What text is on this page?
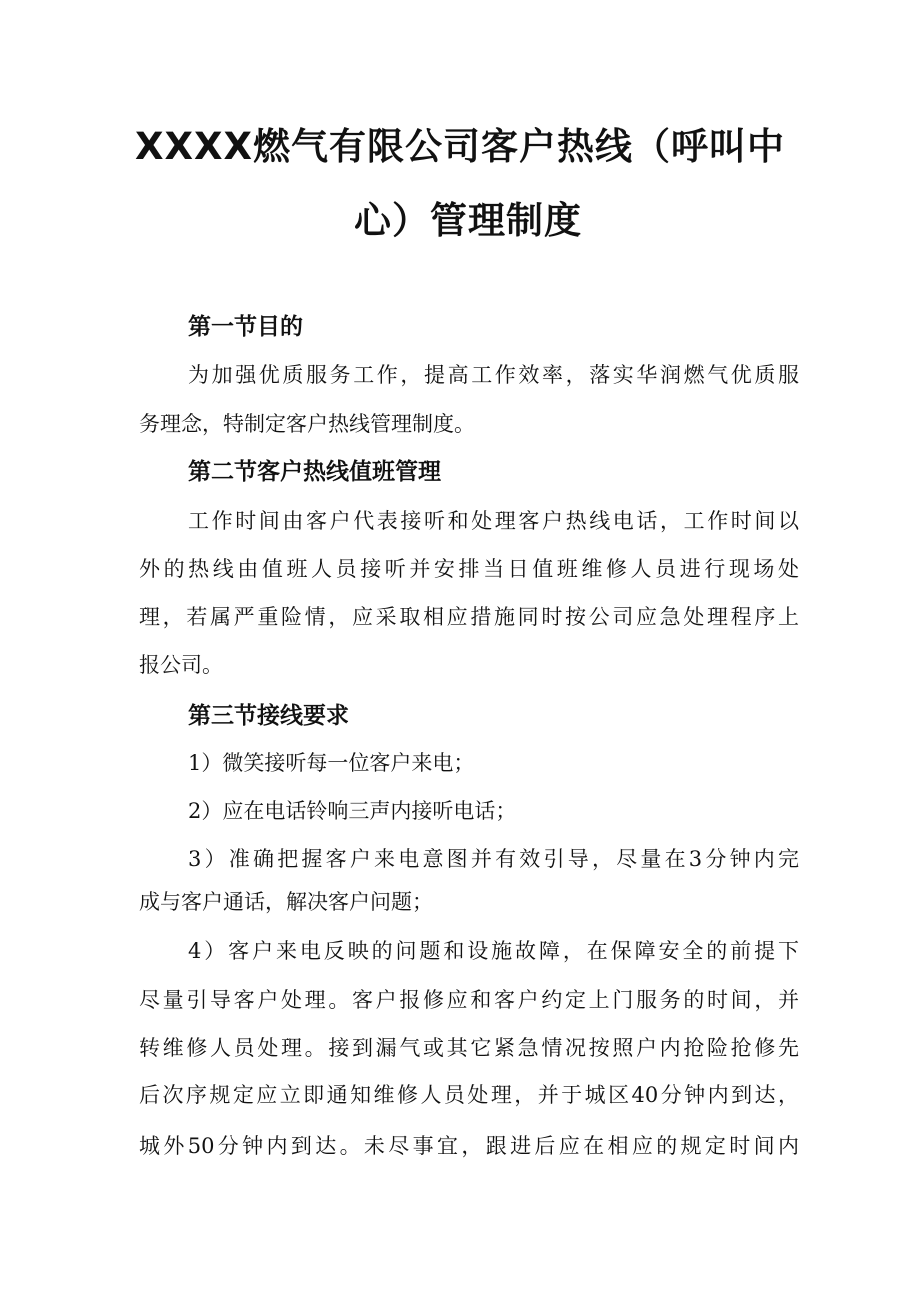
XXXX燃气有限公司客户热线（呼叫中
心）管理制度
第一节目的
为加强优质服务工作，提高工作效率，落实华润燃气优质服
务理念，特制定客户热线管理制度。
第二节客户热线值班管理
工作时间由客户代表接听和处理客户热线电话，工作时间以
外的热线由值班人员接听并安排当日值班维修人员进行现场处
理，若属严重险情，应采取相应措施同时按公司应急处理程序上
报公司。
第三节接线要求
1）微笑接听每一位客户来电；
2）应在电话铃响三声内接听电话；
3）准确把握客户来电意图并有效引导，尽量在3分钟内完
成与客户通话，解决客户问题；
4）客户来电反映的问题和设施故障，在保障安全的前提下
尽量引导客户处理。客户报修应和客户约定上门服务的时间，并
转维修人员处理。接到漏气或其它紧急情况按照户内抢险抢修先
后次序规定应立即通知维修人员处理，并于城区40分钟内到达，
城外50分钟内到达。未尽事宜，跟进后应在相应的规定时间内
